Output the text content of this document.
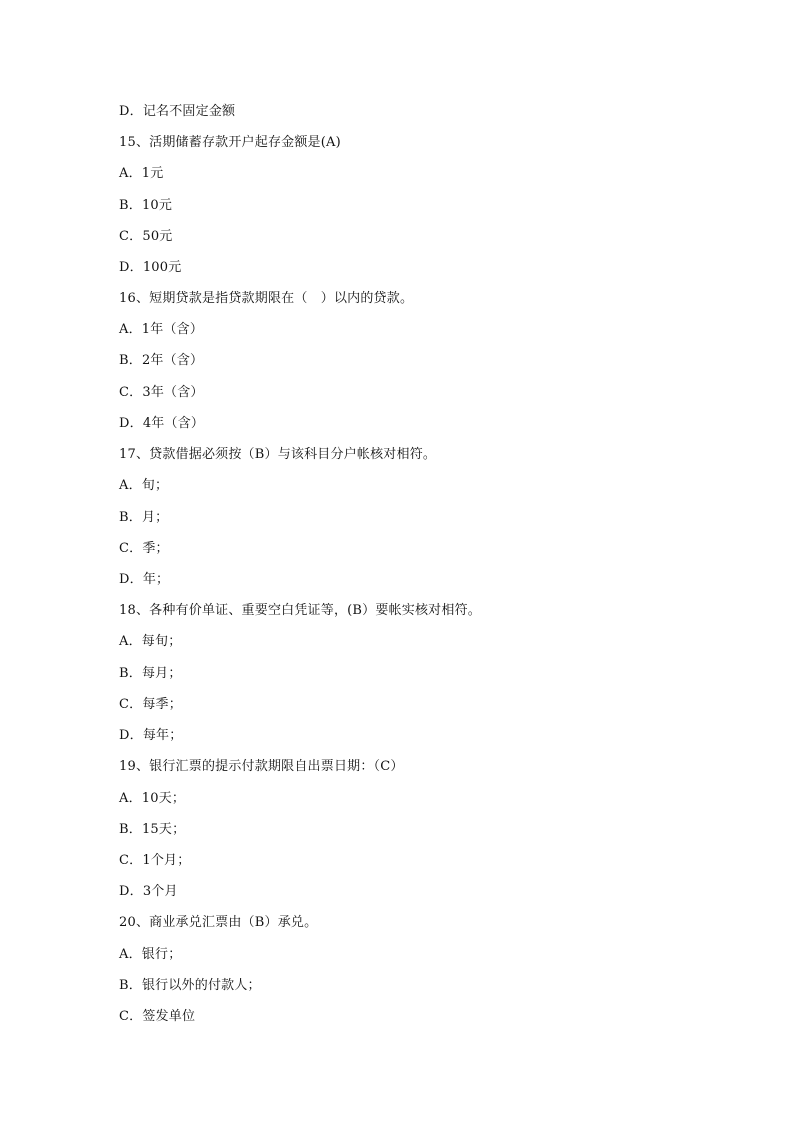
D．记名不固定金额
15、活期储蓄存款开户起存金额是(A)
A．1元
B．10元
C．50元
D．100元
16、短期贷款是指贷款期限在（　）以内的贷款。
A．1年（含）
B．2年（含）
C．3年（含）
D．4年（含）
17、贷款借据必须按（B）与该科目分户帐核对相符。
A．旬；
B．月；
C．季；
D．年；
18、各种有价单证、重要空白凭证等，(B）要帐实核对相符。
A．每旬；
B．每月；
C．每季；
D．每年；
19、银行汇票的提示付款期限自出票日期：（C）
A．10天；
B．15天；
C．1个月；
D．3个月
20、商业承兑汇票由（B）承兑。
A．银行；
B．银行以外的付款人；
C．签发单位
